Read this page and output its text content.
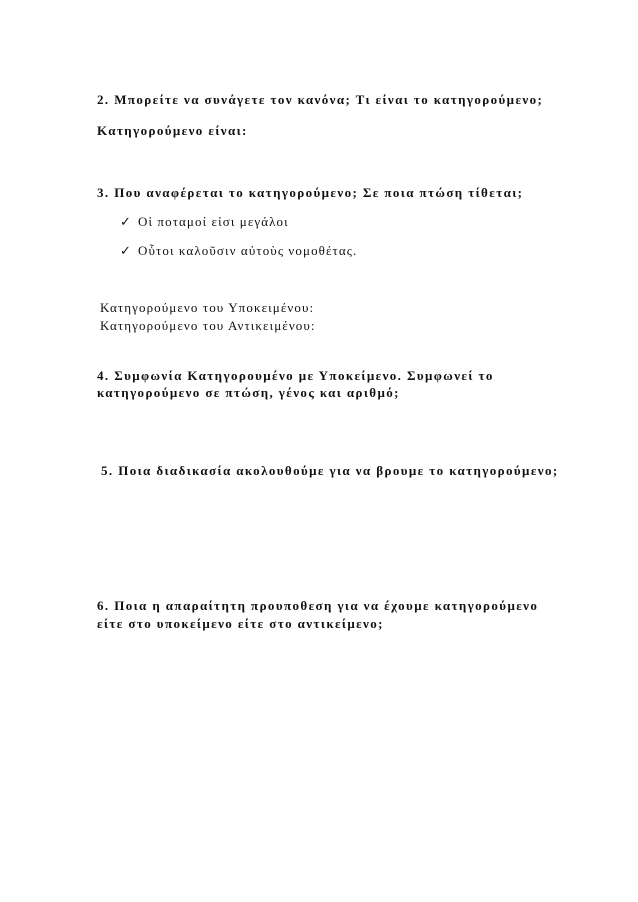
2. Μπορείτε να συνάγετε τον κανόνα; Τι είναι το κατηγορούμενο;
Κατηγορούμενο είναι:
3. Που αναφέρεται το κατηγορούμενο; Σε ποια πτώση τίθεται;
✓ Οἱ ποταμοί εἰσι μεγάλοι
✓ Οὗτοι καλοῦσιν αὐτοὺς νομοθέτας.
Κατηγορούμενο του Υποκειμένου:
Κατηγορούμενο του Αντικειμένου:
4. Συμφωνία Κατηγορουμένο με Υποκείμενο. Συμφωνεί το
κατηγορούμενο σε πτώση, γένος και αριθμό;
5. Ποια διαδικασία ακολουθούμε για να βρουμε το κατηγορούμενο;
6. Ποια η απαραίτητη προυποθεση για να έχουμε κατηγορούμενο
είτε στο υποκείμενο είτε στο αντικείμενο;
